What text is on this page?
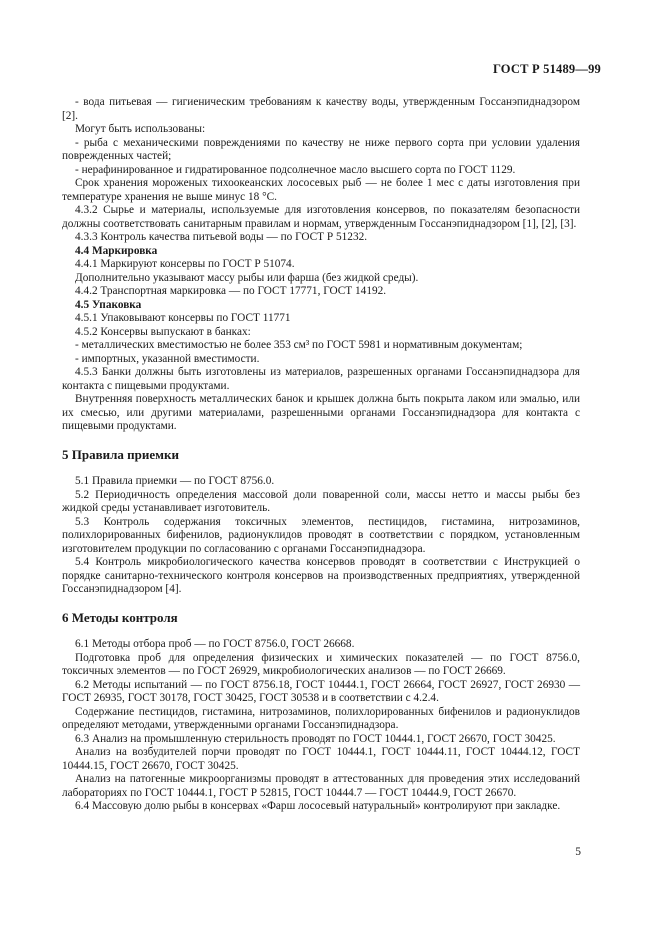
ГОСТ Р 51489—99

- вода питьевая — гигиеническим требованиям к качеству воды, утвержденным Госсанэпиднадзором [2].

Могут быть использованы:

- рыба с механическими повреждениями по качеству не ниже первого сорта при условии удаления поврежденных частей;

- нерафинированное и гидратированное подсолнечное масло высшего сорта по ГОСТ 1129.

Срок хранения мороженых тихоокеанских лососевых рыб — не более 1 мес с даты изготовления при температуре хранения не выше минус 18 °С.

4.3.2 Сырье и материалы, используемые для изготовления консервов, по показателям безопасности должны соответствовать санитарным правилам и нормам, утвержденным Госсанэпиднадзором [1], [2], [3].

4.3.3 Контроль качества питьевой воды — по ГОСТ Р 51232.

4.4 Маркировка

4.4.1 Маркируют консервы по ГОСТ Р 51074.

Дополнительно указывают массу рыбы или фарша (без жидкой среды).

4.4.2 Транспортная маркировка — по ГОСТ 17771, ГОСТ 14192.

4.5 Упаковка

4.5.1 Упаковывают консервы по ГОСТ 11771

4.5.2 Консервы выпускают в банках:

- металлических вместимостью не более 353 см³ по ГОСТ 5981 и нормативным документам;

- импортных, указанной вместимости.

4.5.3 Банки должны быть изготовлены из материалов, разрешенных органами Госсанэпиднадзора для контакта с пищевыми продуктами.

Внутренняя поверхность металлических банок и крышек должна быть покрыта лаком или эмалью, или их смесью, или другими материалами, разрешенными органами Госсанэпиднадзора для контакта с пищевыми продуктами.

5 Правила приемки

5.1 Правила приемки — по ГОСТ 8756.0.

5.2 Периодичность определения массовой доли поваренной соли, массы нетто и массы рыбы без жидкой среды устанавливает изготовитель.

5.3 Контроль содержания токсичных элементов, пестицидов, гистамина, нитрозаминов, полихлорированных бифенилов, радионуклидов проводят в соответствии с порядком, установленным изготовителем продукции по согласованию с органами Госсанэпиднадзора.

5.4 Контроль микробиологического качества консервов проводят в соответствии с Инструкцией о порядке санитарно-технического контроля консервов на производственных предприятиях, утвержденной Госсанэпиднадзором [4].

6 Методы контроля

6.1 Методы отбора проб — по ГОСТ 8756.0, ГОСТ 26668.

Подготовка проб для определения физических и химических показателей — по ГОСТ 8756.0, токсичных элементов — по ГОСТ 26929, микробиологических анализов — по ГОСТ 26669.

6.2 Методы испытаний — по ГОСТ 8756.18, ГОСТ 10444.1, ГОСТ 26664, ГОСТ 26927, ГОСТ 26930 — ГОСТ 26935, ГОСТ 30178, ГОСТ 30425, ГОСТ 30538 и в соответствии с 4.2.4.

Содержание пестицидов, гистамина, нитрозаминов, полихлорированных бифенилов и радионуклидов определяют методами, утвержденными органами Госсанэпиднадзора.

6.3 Анализ на промышленную стерильность проводят по ГОСТ 10444.1, ГОСТ 26670, ГОСТ 30425.

Анализ на возбудителей порчи проводят по ГОСТ 10444.1, ГОСТ 10444.11, ГОСТ 10444.12, ГОСТ 10444.15, ГОСТ 26670, ГОСТ 30425.

Анализ на патогенные микроорганизмы проводят в аттестованных для проведения этих исследований лабораториях по ГОСТ 10444.1, ГОСТ Р 52815, ГОСТ 10444.7 — ГОСТ 10444.9, ГОСТ 26670.

6.4 Массовую долю рыбы в консервах «Фарш лососевый натуральный» контролируют при закладке.

5
